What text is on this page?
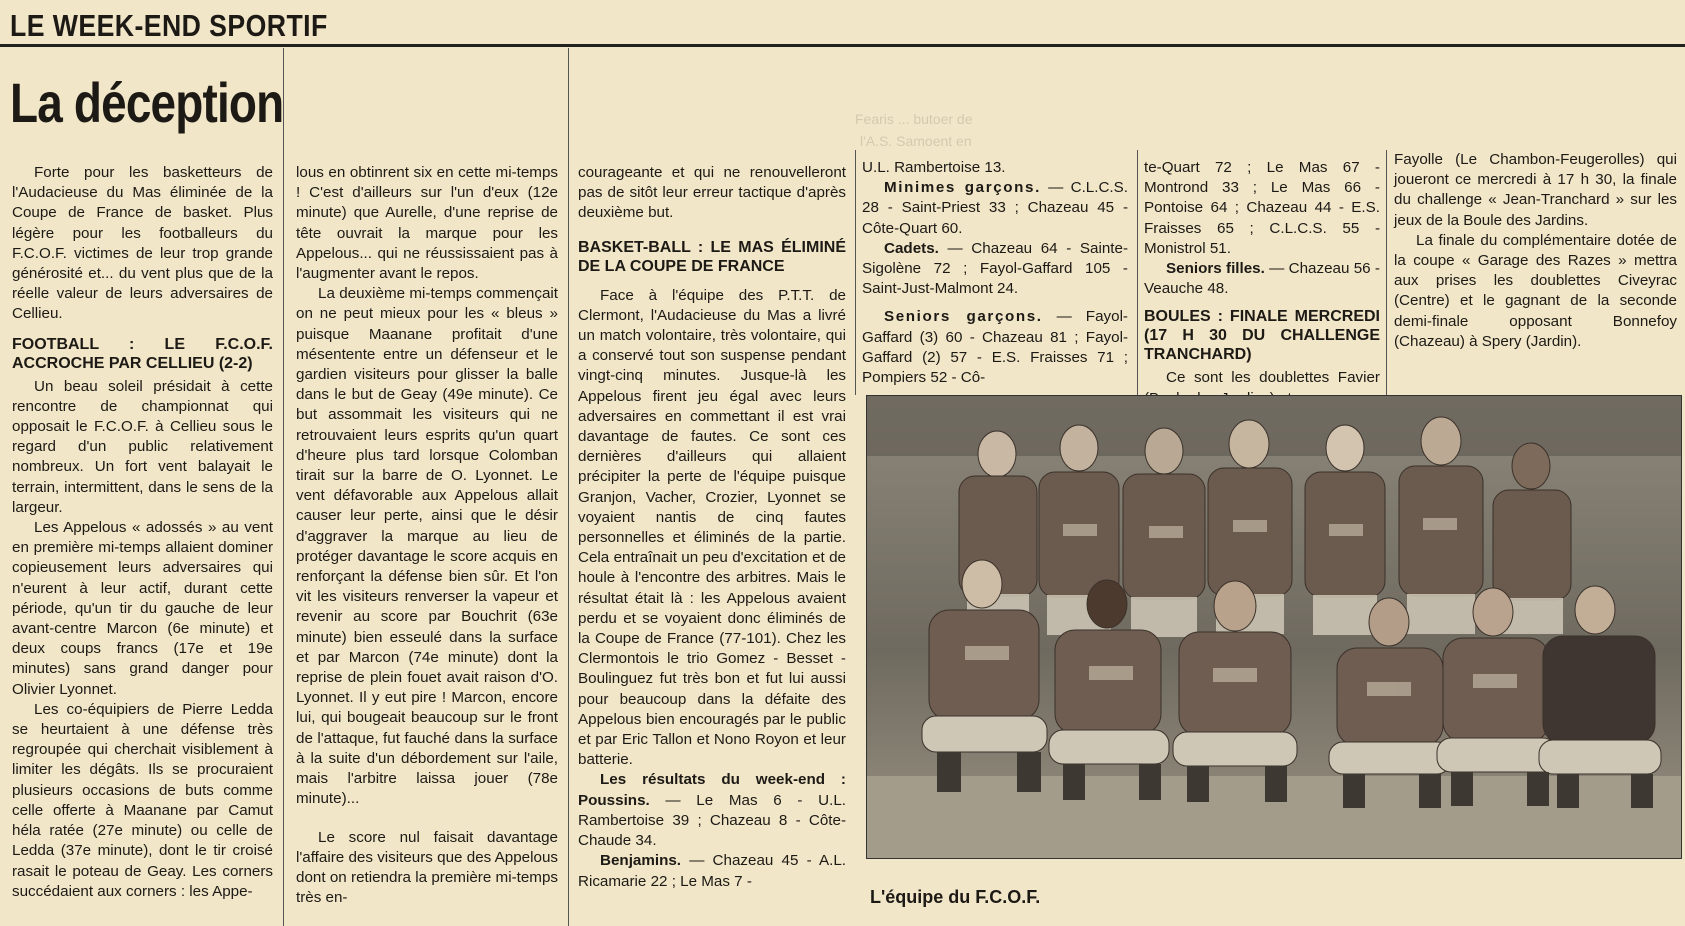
LE WEEK-END SPORTIF
Fearis ... butoer de
l'A.S. Samoent en
La déception

Forte pour les basketteurs de l'Audacieuse du Mas éliminée de la Coupe de France de basket. Plus légère pour les footballeurs du F.C.O.F. victimes de leur trop grande générosité et... du vent plus que de la réelle valeur de leurs adversaires de Cellieu.

FOOTBALL : LE F.C.O.F. ACCROCHE PAR CELLIEU (2-2)

Un beau soleil présidait à cette rencontre de championnat qui opposait le F.C.O.F. à Cellieu sous le regard d'un public relativement nombreux. Un fort vent balayait le terrain, intermittent, dans le sens de la largeur.

Les Appelous « adossés » au vent en première mi-temps allaient dominer copieusement leurs adversaires qui n'eurent à leur actif, durant cette période, qu'un tir du gauche de leur avant-centre Marcon (6e minute) et deux coups francs (17e et 19e minutes) sans grand danger pour Olivier Lyonnet.

Les co-équipiers de Pierre Ledda se heurtaient à une défense très regroupée qui cherchait visiblement à limiter les dégâts. Ils se procuraient plusieurs occasions de buts comme celle offerte à Maanane par Camut héla ratée (27e minute) ou celle de Ledda (37e minute), dont le tir croisé rasait le poteau de Geay. Les corners succédaient aux corners : les Appe-

lous en obtinrent six en cette mi-temps ! C'est d'ailleurs sur l'un d'eux (12e minute) que Aurelle, d'une reprise de tête ouvrait la marque pour les Appelous... qui ne réussissaient pas à l'augmenter avant le repos.

La deuxième mi-temps commençait on ne peut mieux pour les « bleus » puisque Maanane profitait d'une mésentente entre un défenseur et le gardien visiteurs pour glisser la balle dans le but de Geay (49e minute). Ce but assommait les visiteurs qui ne retrouvaient leurs esprits qu'un quart d'heure plus tard lorsque Colomban tirait sur la barre de O. Lyonnet. Le vent défavorable aux Appelous allait causer leur perte, ainsi que le désir d'aggraver la marque au lieu de protéger davantage le score acquis en renforçant la défense bien sûr. Et l'on vit les visiteurs renverser la vapeur et revenir au score par Bouchrit (63e minute) bien esseulé dans la surface et par Marcon (74e minute) dont la reprise de plein fouet avait raison d'O. Lyonnet. Il y eut pire ! Marcon, encore lui, qui bougeait beaucoup sur le front de l'attaque, fut fauché dans la surface à la suite d'un débordement sur l'aile, mais l'arbitre laissa jouer (78e minute)...

Le score nul faisait davantage l'affaire des visiteurs que des Appelous dont on retiendra la première mi-temps très en-

courageante et qui ne renouvelleront pas de sitôt leur erreur tactique d'après deuxième but.

BASKET-BALL : LE MAS ÉLIMINÉ DE LA COUPE DE FRANCE

Face à l'équipe des P.T.T. de Clermont, l'Audacieuse du Mas a livré un match volontaire, très volontaire, qui a conservé tout son suspense pendant vingt-cinq minutes. Jusque-là les Appelous firent jeu égal avec leurs adversaires en commettant il est vrai davantage de fautes. Ce sont ces dernières d'ailleurs qui allaient précipiter la perte de l'équipe puisque Granjon, Vacher, Crozier, Lyonnet se voyaient nantis de cinq fautes personnelles et éliminés de la partie. Cela entraînait un peu d'excitation et de houle à l'encontre des arbitres. Mais le résultat était là : les Appelous avaient perdu et se voyaient donc éliminés de la Coupe de France (77-101). Chez les Clermontois le trio Gomez - Besset - Boulinguez fut très bon et fut lui aussi pour beaucoup dans la défaite des Appelous bien encouragés par le public et par Eric Tallon et Nono Royon et leur batterie.

Les résultats du week-end : Poussins. — Le Mas 6 - U.L. Rambertoise 39 ; Chazeau 8 - Côte-Chaude 34.

Benjamins. — Chazeau 45 - A.L. Ricamarie 22 ; Le Mas 7 -

U.L. Rambertoise 13.

Minimes garçons. — C.L.C.S. 28 - Saint-Priest 33 ; Chazeau 45 - Côte-Quart 60.

Cadets. — Chazeau 64 - Sainte-Sigolène 72 ; Fayol-Gaffard 105 - Saint-Just-Malmont 24.

Seniors garçons. — Fayol-Gaffard (3) 60 - Chazeau 81 ; Fayol-Gaffard (2) 57 - E.S. Fraisses 71 ; Pompiers 52 - Cô-

te-Quart 72 ; Le Mas 67 - Montrond 33 ; Le Mas 66 - Pontoise 64 ; Chazeau 44 - E.S. Fraisses 65 ; C.L.C.S. 55 - Monistrol 51.

Seniors filles. — Chazeau 56 - Veauche 48.

BOULES : FINALE MERCREDI (17 H 30 DU CHALLENGE TRANCHARD)

Ce sont les doublettes Favier

Fayolle (Le Chambon-Feugerolles) qui joueront ce mercredi à 17 h 30, la finale du challenge « Jean-Tranchard » sur les jeux de la Boule des Jardins.

La finale du complémentaire dotée de la coupe « Garage des Razes » mettra aux prises les doublettes Civeyrac (Centre) et le gagnant de la seconde demi-finale opposant Bonnefoy (Chazeau) à Spery (Jardin).

L'équipe du F.C.O.F.
